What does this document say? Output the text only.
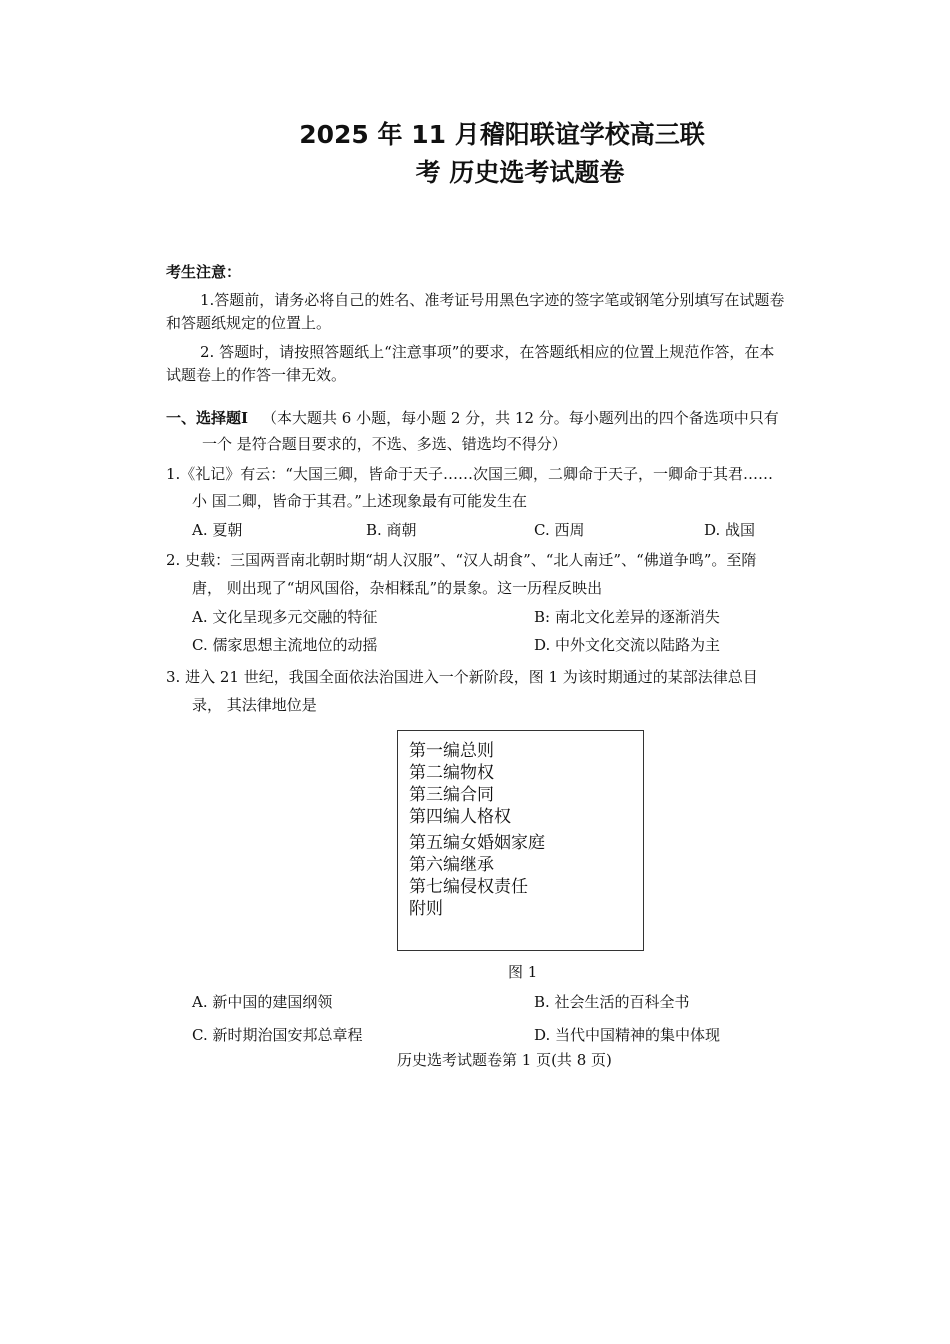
2025 年 11 月稽阳联谊学校高三联
考 历史选考试题卷
考生注意：
1.答题前，请务必将自己的姓名、准考证号用黑色字迹的签字笔或钢笔分别填写在试题卷
和答题纸规定的位置上。
2. 答题时，请按照答题纸上“注意事项”的要求，在答题纸相应的位置上规范作答，在本
试题卷上的作答一律无效。
一、选择题Ⅰ （本大题共 6 小题，每小题 2 分，共 12 分。每小题列出的四个备选项中只有
一个 是符合题目要求的，不选、多选、错选均不得分）
1.《礼记》有云：“大国三卿，皆命于天子……次国三卿，二卿命于天子，一卿命于其君……
小 国二卿，皆命于其君。”上述现象最有可能发生在
A. 夏朝	B. 商朝	C. 西周	D. 战国
2. 史载：三国两晋南北朝时期“胡人汉服”、“汉人胡食”、“北人南迁”、“佛道争鸣”。至隋
唐， 则出现了“胡风国俗，杂相糅乱”的景象。这一历程反映出
A. 文化呈现多元交融的特征	B: 南北文化差异的逐渐消失
C. 儒家思想主流地位的动摇	D. 中外文化交流以陆路为主
3. 进入 21 世纪，我国全面依法治国进入一个新阶段，图 1 为该时期通过的某部法律总目
录， 其法律地位是
第一编总则
第二编物权
第三编合同
第四编人格权
第五编女婚姻家庭
第六编继承
第七编侵权责任
附则
图 1
A. 新中国的建国纲领	B. 社会生活的百科全书
C. 新时期治国安邦总章程	D. 当代中国精神的集中体现
历史选考试题卷第 1 页(共 8 页)
